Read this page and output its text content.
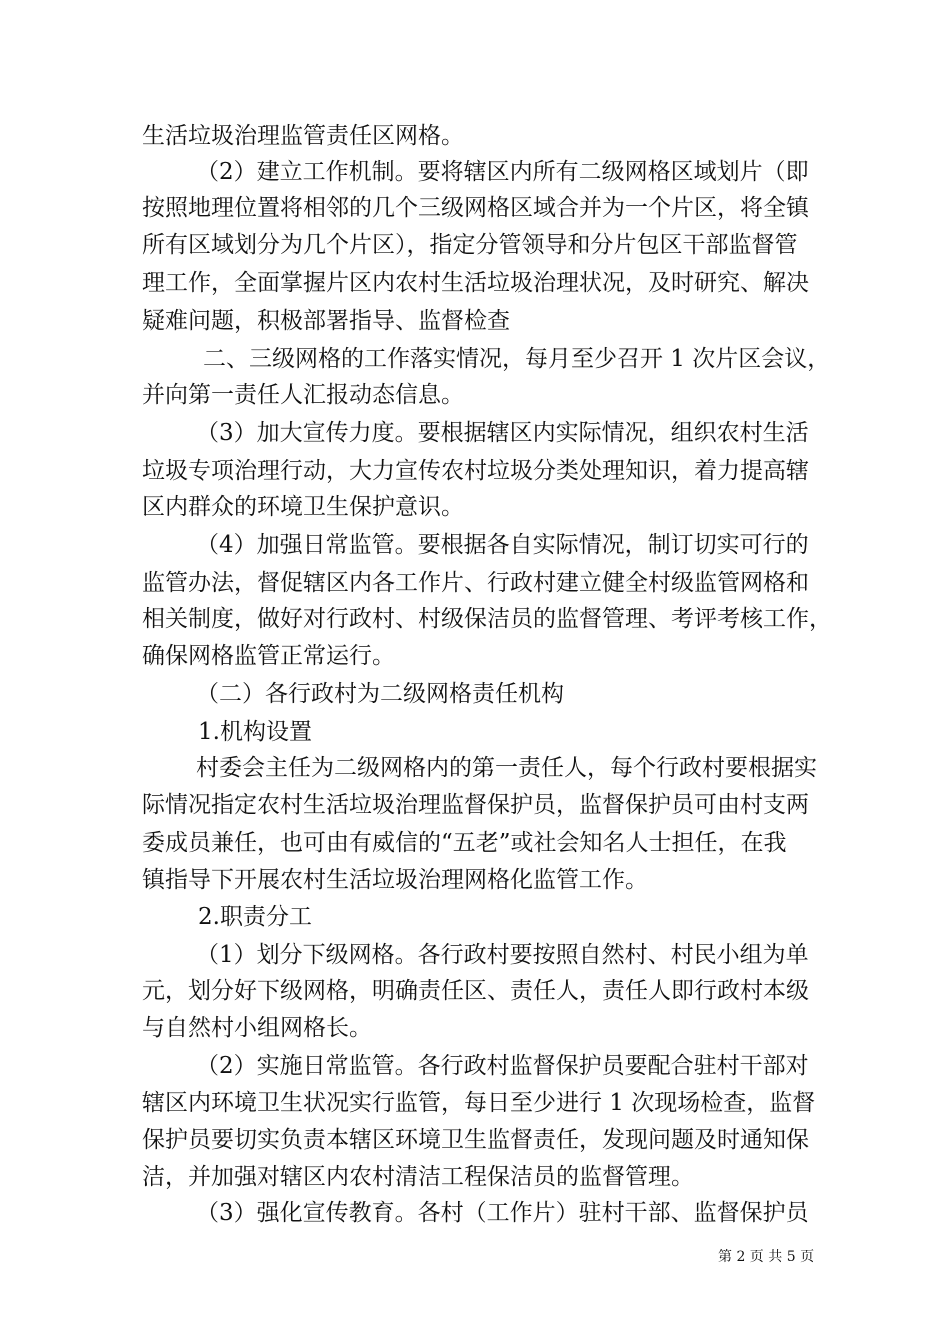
生活垃圾治理监管责任区网格。
（2）建立工作机制。要将辖区内所有二级网格区域划片（即
按照地理位置将相邻的几个三级网格区域合并为一个片区，将全镇
所有区域划分为几个片区），指定分管领导和分片包区干部监督管
理工作，全面掌握片区内农村生活垃圾治理状况，及时研究、解决
疑难问题，积极部署指导、监督检查
二、三级网格的工作落实情况，每月至少召开 1 次片区会议，
并向第一责任人汇报动态信息。
（3）加大宣传力度。要根据辖区内实际情况，组织农村生活
垃圾专项治理行动，大力宣传农村垃圾分类处理知识，着力提高辖
区内群众的环境卫生保护意识。
（4）加强日常监管。要根据各自实际情况，制订切实可行的
监管办法，督促辖区内各工作片、行政村建立健全村级监管网格和
相关制度，做好对行政村、村级保洁员的监督管理、考评考核工作，
确保网格监管正常运行。
（二）各行政村为二级网格责任机构
1.机构设置
村委会主任为二级网格内的第一责任人，每个行政村要根据实
际情况指定农村生活垃圾治理监督保护员，监督保护员可由村支两
委成员兼任，也可由有威信的“五老”或社会知名人士担任，在我
镇指导下开展农村生活垃圾治理网格化监管工作。
2.职责分工
（1）划分下级网格。各行政村要按照自然村、村民小组为单
元，划分好下级网格，明确责任区、责任人，责任人即行政村本级
与自然村小组网格长。
（2）实施日常监管。各行政村监督保护员要配合驻村干部对
辖区内环境卫生状况实行监管，每日至少进行 1 次现场检查，监督
保护员要切实负责本辖区环境卫生监督责任，发现问题及时通知保
洁，并加强对辖区内农村清洁工程保洁员的监督管理。
（3）强化宣传教育。各村（工作片）驻村干部、监督保护员
第 2 页 共 5 页
